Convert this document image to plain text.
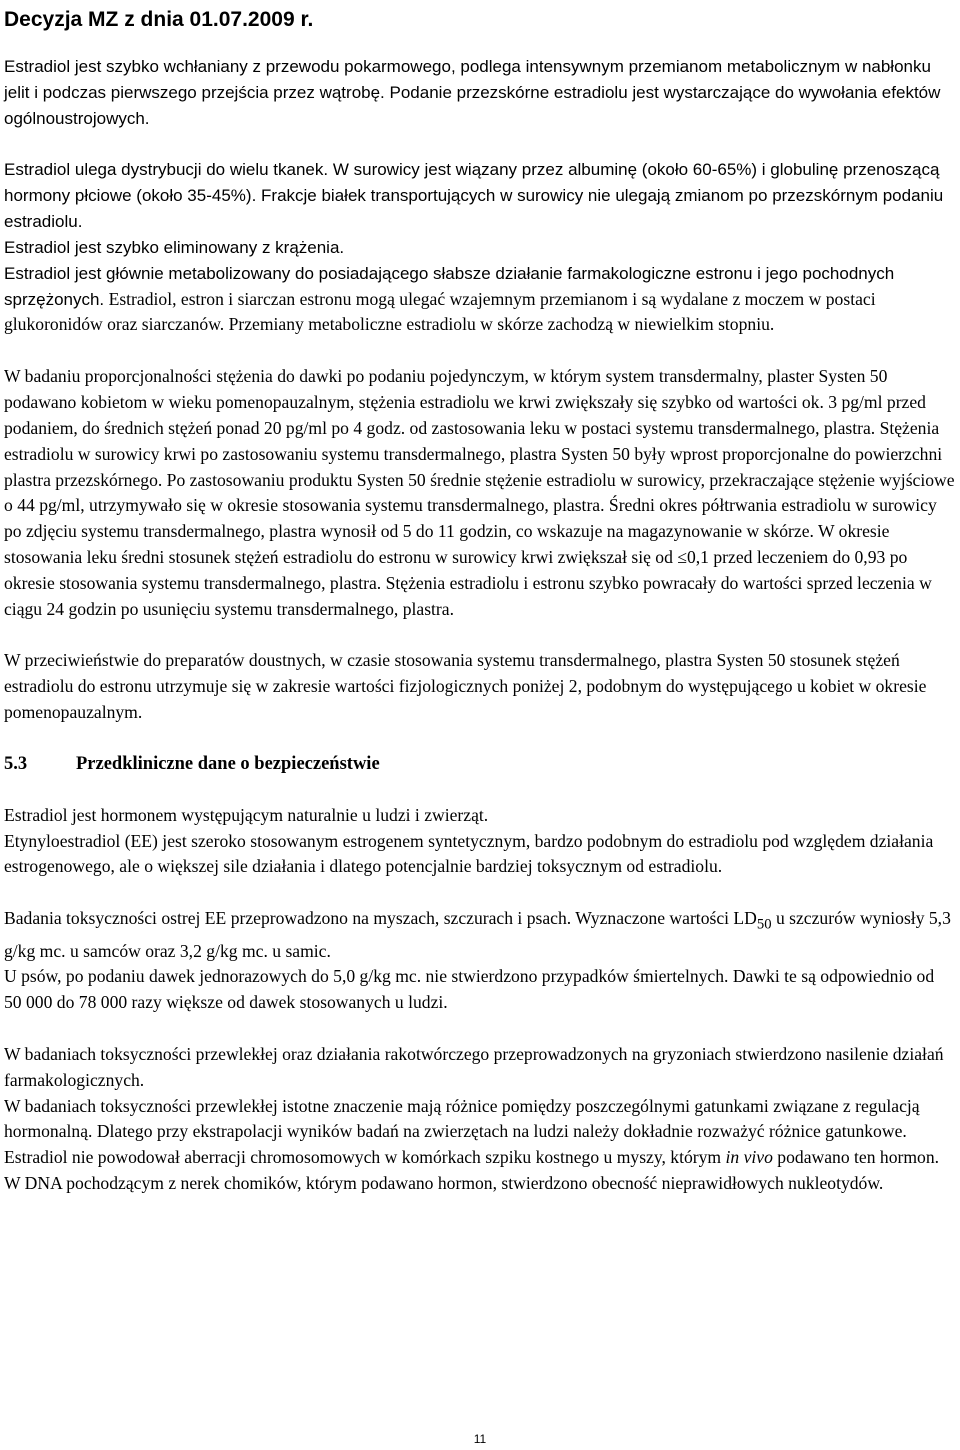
Decyzja MZ z dnia 01.07.2009 r.

Estradiol jest szybko wchłaniany z przewodu pokarmowego, podlega intensywnym przemianom metabolicznym w nabłonku jelit i podczas pierwszego przejścia przez wątrobę. Podanie przezskórne estradiolu jest wystarczające do wywołania efektów ogólnoustrojowych.

Estradiol ulega dystrybucji do wielu tkanek. W surowicy jest wiązany przez albuminę (około 60-65%) i globulinę przenoszącą hormony płciowe (około 35-45%). Frakcje białek transportujących w surowicy nie ulegają zmianom po przezskórnym podaniu estradiolu.

Estradiol jest szybko eliminowany z krążenia.

Estradiol jest głównie metabolizowany do posiadającego słabsze działanie farmakologiczne estronu i jego pochodnych sprzężonych. Estradiol, estron i siarczan estronu mogą ulegać wzajemnym przemianom i są wydalane z moczem w postaci glukoronidów oraz siarczanów. Przemiany metaboliczne estradiolu w skórze zachodzą w niewielkim stopniu.

W badaniu proporcjonalności stężenia do dawki po podaniu pojedynczym, w którym system transdermalny, plaster Systen 50 podawano kobietom w wieku pomenopauzalnym, stężenia estradiolu we krwi zwiększały się szybko od wartości ok. 3 pg/ml przed podaniem, do średnich stężeń ponad 20 pg/ml po 4 godz. od zastosowania leku w postaci systemu transdermalnego, plastra. Stężenia estradiolu w surowicy krwi po zastosowaniu systemu transdermalnego, plastra Systen 50 były wprost proporcjonalne do powierzchni plastra przezskórnego. Po zastosowaniu produktu Systen 50 średnie stężenie estradiolu w surowicy, przekraczające stężenie wyjściowe o 44 pg/ml, utrzymywało się w okresie stosowania systemu transdermalnego, plastra. Średni okres półtrwania estradiolu w surowicy po zdjęciu systemu transdermalnego, plastra wynosił od 5 do 11 godzin, co wskazuje na magazynowanie w skórze. W okresie stosowania leku średni stosunek stężeń estradiolu do estronu w surowicy krwi zwiększał się od ≤0,1 przed leczeniem do 0,93 po okresie stosowania systemu transdermalnego, plastra. Stężenia estradiolu i estronu szybko powracały do wartości sprzed leczenia w ciągu 24 godzin po usunięciu systemu transdermalnego, plastra.

W przeciwieństwie do preparatów doustnych, w czasie stosowania systemu transdermalnego, plastra Systen 50 stosunek stężeń estradiolu do estronu utrzymuje się w zakresie wartości fizjologicznych poniżej 2, podobnym do występującego u kobiet w okresie pomenopauzalnym.

5.3	Przedkliniczne dane o bezpieczeństwie

Estradiol jest hormonem występującym naturalnie u ludzi i zwierząt.

Etynyloestradiol (EE) jest szeroko stosowanym estrogenem syntetycznym, bardzo podobnym do estradiolu pod względem działania estrogenowego, ale o większej sile działania i dlatego potencjalnie bardziej toksycznym od estradiolu.

Badania toksyczności ostrej EE przeprowadzono na myszach, szczurach i psach. Wyznaczone wartości $LD_{50}$ u szczurów wyniosły 5,3 g/kg mc. u samców oraz 3,2 g/kg mc. u samic.

U psów, po podaniu dawek jednorazowych do 5,0 g/kg mc. nie stwierdzono przypadków śmiertelnych. Dawki te są odpowiednio od 50 000 do 78 000 razy większe od dawek stosowanych u ludzi.

W badaniach toksyczności przewlekłej oraz działania rakotwórczego przeprowadzonych na gryzoniach stwierdzono nasilenie działań farmakologicznych.

W badaniach toksyczności przewlekłej istotne znaczenie mają różnice pomiędzy poszczególnymi gatunkami związane z regulacją hormonalną. Dlatego przy ekstrapolacji wyników badań na zwierzętach na ludzi należy dokładnie rozważyć różnice gatunkowe.

Estradiol nie powodował aberracji chromosomowych w komórkach szpiku kostnego u myszy, którym in vivo podawano ten hormon.

W DNA pochodzącym z nerek chomików, którym podawano hormon, stwierdzono obecność nieprawidłowych nukleotydów.

11
